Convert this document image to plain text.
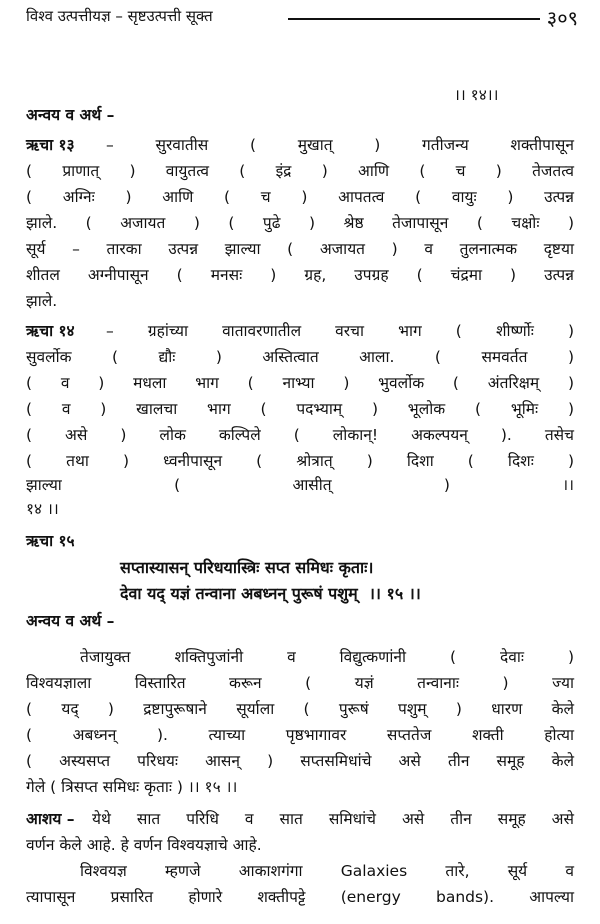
विश्व उत्पत्तीयज्ञ – सृष्टउत्पत्ती सूक्त	३०९
।। १४।।
अन्वय व अर्थ –
ऋचा १३ – सुरवातीस ( मुखात् ) गतीजन्य शक्तीपासून
( प्राणात् ) वायुतत्व ( इंद्र ) आणि ( च ) तेजतत्व
( अग्निः ) आणि ( च ) आपतत्व ( वायुः ) उत्पन्न
झाले. ( अजायत ) ( पुढे ) श्रेष्ठ तेजापासून ( चक्षोः )
सूर्य – तारका उत्पन्न झाल्या ( अजायत ) व तुलनात्मक दृष्टया
शीतल अग्नीपासून ( मनसः ) ग्रह, उपग्रह ( चंद्रमा ) उत्पन्न
झाले.
ऋचा १४ – ग्रहांच्या वातावरणातील वरचा भाग ( शीर्ष्णोः )
सुवर्लोक ( द्यौः ) अस्तित्वात आला. ( समवर्तत )
( व ) मधला भाग ( नाभ्या ) भुवर्लोक ( अंतरिक्षम् )
( व ) खालचा भाग ( पदभ्याम् ) भूलोक ( भूमिः )
( असे ) लोक कल्पिले ( लोकान्! अकल्पयन् ). तसेच
( तथा ) ध्वनीपासून ( श्रोत्रात् ) दिशा ( दिशः )
झाल्या ( आसीत् ) ।।
१४ ।।
ऋचा १५
सप्तास्यासन् परिधयास्त्रिः सप्त समिधः कृताः।
देवा यद् यज्ञं तन्वाना अबध्नन् पुरूषं पशुम्  ।। १५ ।।
अन्वय व अर्थ –
तेजायुक्त शक्तिपुजांनी व विद्युत्कणांनी ( देवाः )
विश्वयज्ञाला विस्तारित करून ( यज्ञं तन्वानाः ) ज्या
( यद् ) द्रष्टापुरूषाने सूर्याला ( पुरूषं पशुम् ) धारण केले
( अबध्नन् ). त्याच्या पृष्ठभागावर सप्ततेज शक्ती होत्या
( अस्यसप्त परिधयः आसन् ) सप्तसमिधांचे असे तीन समूह केले
गेले ( त्रिसप्त समिधः कृताः ) ।। १५ ।।
आशय – येथे सात परिधि व सात समिधांचे असे तीन समूह असे
वर्णन केले आहे. हे वर्णन विश्वयज्ञाचे आहे.
विश्वयज्ञ म्हणजे आकाशगंगा Galaxies तारे, सूर्य व
त्यापासून प्रसारित होणारे शक्तीपट्टे (energy bands). आपल्या
